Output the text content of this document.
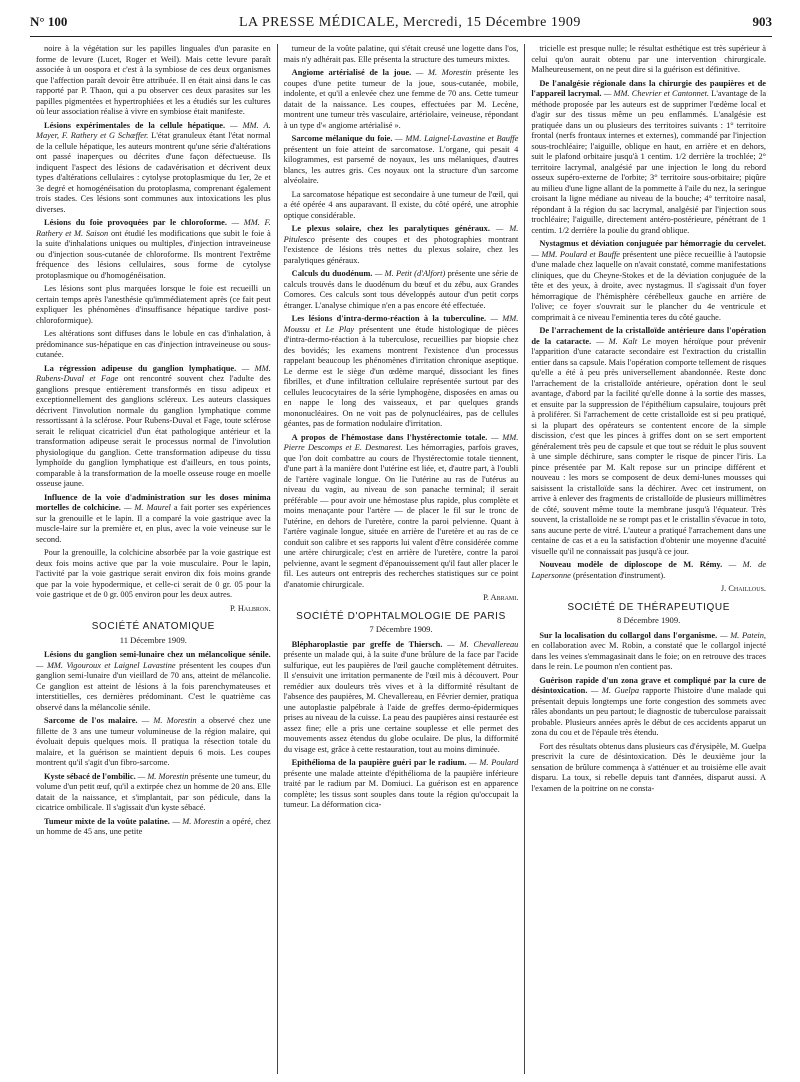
N° 100	LA PRESSE MÉDICALE, Mercredi, 15 Décembre 1909	903

noire à la végétation sur les papilles linguales d'un parasite en forme de levure (Lucet, Roger et Weil). Mais cette levure paraît associée à un oospora et c'est à la symbiose de ces deux organismes que l'affection paraît devoir être attribuée. Il en était ainsi dans le cas rapporté par P. Thaon, qui a pu observer ces deux parasites sur les papilles pigmentées et hypertrophiées et les a étudiés sur les cultures où leur association réalise à vivre en symbiose était manifeste.

Lésions expérimentales de la cellule hépatique. — MM. A. Mayer, F. Rathery et G Schæffer. L'état granuleux étant l'état normal de la cellule hépatique, les auteurs montrent qu'une série d'altérations ont passé inaperçues ou décrites d'une façon défectueuse. Ils indiquent l'aspect des lésions de cadavérisation et décrivent deux types d'altérations cellulaires : cytolyse protoplasmique du 1er, 2e et 3e degré et homogénéisation du protoplasma, comprenant également trois stades. Ces lésions sont communes aux intoxications les plus diverses.

Lésions du foie provoquées par le chloroforme. — MM. F. Rathery et M. Saison ont étudié les modifications que subit le foie à la suite d'inhalations uniques ou multiples, d'injection intraveineuse ou d'injection sous-cutanée de chloroforme. Ils montrent l'extrême fréquence des lésions cellulaires, sous forme de cytolyse protoplasmique ou d'homogénéisation.

Les lésions sont plus marquées lorsque le foie est recueilli un certain temps après l'anesthésie qu'immédiatement après (ce fait peut expliquer les phénomènes d'insuffisance hépatique tardive post-chloroformique).

Les altérations sont diffuses dans le lobule en cas d'inhalation, à prédominance sus-hépatique en cas d'injection intraveineuse ou sous-cutanée.

La régression adipeuse du ganglion lymphatique. — MM. Rubens-Duval et Fage ont rencontré souvent chez l'adulte des ganglions presque entièrement transformés en tissu adipeux et exceptionnellement des ganglions scléreux. Les auteurs classiques décrivent l'involution normale du ganglion lymphatique comme ressortissant à la sclérose. Pour Rubens-Duval et Fage, toute sclérose serait le reliquat cicatriciel d'un état pathologique antérieur et la transformation adipeuse serait le processus normal de l'involution physiologique du ganglion. Cette transformation adipeuse du tissu lymphoïde du ganglion lymphatique est d'ailleurs, en tous points, comparable à la transformation de la moelle osseuse rouge en moelle osseuse jaune.

Influence de la voie d'administration sur les doses minima mortelles de colchicine. — M. Maurel a fait porter ses expériences sur la grenouille et le lapin. Il a comparé la voie gastrique avec la muscle-laire sur la première et, en plus, avec la voie veineuse sur le second.

Pour la grenouille, la colchicine absorbée par la voie gastrique est deux fois moins active que par la voie musculaire. Pour le lapin, l'activité par la voie gastrique serait environ dix fois moins grande que par la voie hypodermique, et celle-ci serait de 0 gr. 05 pour la voie gastrique et de 0 gr. 005 environ pour les deux autres.

P. Halbron.
SOCIÉTÉ ANATOMIQUE
11 Décembre 1909.

Lésions du ganglion semi-lunaire chez un mélancolique sénile. — MM. Vigouroux et Laignel Lavastine présentent les coupes d'un ganglion semi-lunaire d'un vieillard de 70 ans, atteint de mélancolie. Ce ganglion est atteint de lésions à la fois parenchymateuses et interstitielles, ces dernières prédominant. C'est le quatrième cas observé dans la mélancolie sénile.

Sarcome de l'os malaire. — M. Morestin a observé chez une fillette de 3 ans une tumeur volumineuse de la région malaire, qui évoluait depuis quelques mois. Il pratiqua la résection totale du malaire, et la guérison se maintient depuis 6 mois. Les coupes montrent qu'il s'agit d'un fibro-sarcome.

Kyste sébacé de l'ombilic. — M. Morestin présente une tumeur, du volume d'un petit œuf, qu'il a extirpée chez un homme de 20 ans. Elle datait de la naissance, et s'implantait, par son pédicule, dans la cicatrice ombilicale. Il s'agissait d'un kyste sébacé.

Tumeur mixte de la voûte palatine. — M. Morestin a opéré, chez un homme de 45 ans, une petite

tumeur de la voûte palatine, qui s'était creusé une logette dans l'os, mais n'y adhérait pas. Elle présenta la structure des tumeurs mixtes.

Angiome artérialisé de la joue. — M. Morestin présente les coupes d'une petite tumeur de la joue, sous-cutanée, mobile, indolente, et qu'il a enlevée chez une femme de 70 ans. Cette tumeur datait de la naissance. Les coupes, effectuées par M. Lecène, montrent une tumeur très vasculaire, artériolaire, veineuse, répondant à un type d'« angiome artérialisé ».

Sarcome mélanique du foie. — MM. Laignel-Lavastine et Bauffe présentent un foie atteint de sarcomatose. L'organe, qui pesait 4 kilogrammes, est parsemé de noyaux, les uns mélaniques, d'autres blancs, les autres gris. Ces noyaux ont la structure d'un sarcome alvéolaire.

La sarcomatose hépatique est secondaire à une tumeur de l'œil, qui a été opérée 4 ans auparavant. Il existe, du côté opéré, une atrophie optique considérable.

Le plexus solaire, chez les paralytiques généraux. — M. Pitulesco présente des coupes et des photographies montrant l'existence de lésions très nettes du plexus solaire, chez les paralytiques généraux.

Calculs du duodénum. — M. Petit (d'Alfort) présente une série de calculs trouvés dans le duodénum du bœuf et du zébu, aux Grandes Comores. Ces calculs sont tous développés autour d'un petit corps étranger. L'analyse chimique n'en a pas encore été effectuée.

Les lésions d'intra-dermo-réaction à la tuberculine. — MM. Moussu et Le Play présentent une étude histologique de pièces d'intra-dermo-réaction à la tuberculose, recueillies par biopsie chez des bovidés; les examens montrent l'existence d'un processus rappelant beaucoup les phénomènes d'irritation chronique aseptique. Le derme est le siège d'un œdème marqué, dissociant les fines fibrilles, et d'une infiltration cellulaire représentée surtout par des cellules leucocytaires de la série lymphogène, disposées en amas ou en nappe le long des vaisseaux, et par quelques grands mononucléaires. On ne voit pas de polynucléaires, pas de cellules géantes, pas de formation nodulaire d'irritation.

A propos de l'hémostase dans l'hystérectomie totale. — MM. Pierre Descomps et E. Desmarest. Les hémorragies, parfois graves, que l'on doit combattre au cours de l'hystérectomie totale tiennent, d'une part à la manière dont l'utérine est liée, et, d'autre part, à l'oubli de l'artère vaginale longue. On lie l'utérine au ras de l'utérus au niveau du vagin, au niveau de son panache terminal; il serait préférable — pour avoir une hémostase plus rapide, plus complète et moins menaçante pour l'artère — de placer le fil sur le tronc de l'utérine, en dehors de l'uretère, contre la paroi pelvienne. Quant à l'artère vaginale longue, située en arrière de l'uretère et au ras de ce conduit son calibre et ses rapports lui valent d'être considérée comme une artère chirurgicale; c'est en arrière de l'uretère, contre la paroi pelvienne, avant le segment d'épanouissement qu'il faut aller placer le fil. Les auteurs ont entrepris des recherches statistiques sur ce point d'anatomie chirurgicale.

P. Abrami.
SOCIÉTÉ D'OPHTALMOLOGIE DE PARIS
7 Décembre 1909.

Blépharoplastie par greffe de Thiersch. — M. Chevallereau présente un malade qui, à la suite d'une brûlure de la face par l'acide sulfurique, eut les paupières de l'œil gauche complètement détruites. Il s'ensuivit une irritation permanente de l'œil mis à découvert. Pour remédier aux douleurs très vives et à la difformité résultant de l'absence des paupières, M. Chevallereau, en Février dernier, pratiqua une autoplastie palpébrale à l'aide de greffes dermo-épidermiques prises au niveau de la cuisse. La peau des paupières ainsi restaurée est assez fine; elle a pris une certaine souplesse et elle permet des mouvements assez étendus du globe oculaire. De plus, la difformité du visage est, grâce à cette restauration, tout au moins diminuée.

Epithélioma de la paupière guéri par le radium. — M. Poulard présente une malade atteinte d'épithélioma de la paupière inférieure traité par le radium par M. Domiuci. La guérison est en apparence complète; les tissus sont souples dans toute la région qu'occupait la tumeur. La déformation cica-

tricielle est presque nulle; le résultat esthétique est très supérieur à celui qu'on aurait obtenu par une intervention chirurgicale. Malheureusement, on ne peut dire si la guérison est définitive.

De l'analgésie régionale dans la chirurgie des paupières et de l'appareil lacrymal. — MM. Chevrier et Cantonnet. L'avantage de la méthode proposée par les auteurs est de supprimer l'œdème local et d'agir sur des tissus même un peu enflammés. L'analgésie est pratiquée dans un ou plusieurs des territoires suivants : 1° territoire frontal (nerfs frontaux internes et externes), commandé par l'injection sous-trochléaire; l'aiguille, oblique en haut, en arrière et en dehors, suit le plafond orbitaire jusqu'à 1 centim. 1/2 derrière la trochlée; 2° territoire lacrymal, analgésié par une injection le long du rebord osseux supéro-externe de l'orbite; 3° territoire sous-orbitaire; piqûre au milieu d'une ligne allant de la pommette à l'aile du nez, la seringue croisant la ligne médiane au niveau de la bouche; 4° territoire nasal, répondant à la région du sac lacrymal, analgésié par l'injection sous trochléaire; l'aiguille, directement antéro-postérieure, pénétrant de 1 centim. 1/2 derrière la poulie du grand oblique.

Nystagmus et déviation conjuguée par hémorragie du cervelet. — MM. Poulard et Bauffe présentent une pièce recueillie à l'autopsie d'une malade chez laquelle on n'avait constaté, comme manifestations cliniques, que du Cheyne-Stokes et de la déviation conjuguée de la tête et des yeux, à droite, avec nystagmus. Il s'agissait d'un foyer hémorragique de l'hémisphère cérébelleux gauche en arrière de l'olive; ce foyer s'ouvrait sur le plancher du 4e ventricule et comprimait à ce niveau l'eminentia teres du côté gauche.

De l'arrachement de la cristalloïde antérieure dans l'opération de la cataracte. — M. Kalt Le moyen héroïque pour prévenir l'apparition d'une cataracte secondaire est l'extraction du cristallin entier dans sa capsule. Mais l'opération comporte tellement de risques qu'elle a été à peu près universellement abandonnée. Reste donc l'arrachement de la cristalloïde antérieure, opération dont le seul avantage, d'abord par la facilité qu'elle donne à la sortie des masses, et ensuite par la suppression de l'épithélium capsulaire, toujours prêt à proliférer. Si l'arrachement de cette cristalloïde est si peu pratiqué, si la plupart des opérateurs se contentent encore de la simple discission, c'est que les pinces à griffes dont on se sert emportent généralement très peu de capsule et que tout se réduit le plus souvent à une simple déchirure, sans compter le risque de pincer l'iris. La pince présentée par M. Kalt repose sur un principe différent et nouveau : les mors se composent de deux demi-lunes mousses qui saisissent la cristalloïde sans la déchirer. Avec cet instrument, on arrive à enlever des fragments de cristalloïde de plusieurs millimètres de côté, souvent même toute la membrane jusqu'à l'équateur. Très souvent, la cristalloïde ne se rompt pas et le cristallin s'évacue in toto, sans aucune perte de vitré. L'auteur a pratiqué l'arrachement dans une centaine de cas et a eu la satisfaction d'obtenir une moyenne d'acuité visuelle qu'il ne connaissait pas jusqu'à ce jour.

Nouveau modèle de diploscope de M. Rémy. — M. de Lapersonne (présentation d'instrument).

J. Chaillous.
SOCIÉTÉ DE THÉRAPEUTIQUE
8 Décembre 1909.

Sur la localisation du collargol dans l'organisme. — M. Patein, en collaboration avec M. Robin, a constaté que le collargol injecté dans les veines s'emmagasinait dans le foie; on en retrouve des traces dans le rein. Le poumon n'en contient pas.

Guérison rapide d'un zona grave et compliqué par la cure de désintoxication. — M. Guelpa rapporte l'histoire d'une malade qui présentait depuis longtemps une forte congestion des sommets avec râles abondants un peu partout; le diagnostic de tuberculose paraissait probable. Plusieurs années après le début de ces accidents apparut un zona du cou et de l'épaule très étendu.

Fort des résultats obtenus dans plusieurs cas d'érysipèle, M. Guelpa prescrivit la cure de désintoxication. Dès le deuxième jour la sensation de brûlure commença à s'atténuer et au troisième elle avait disparu. La toux, si rebelle depuis tant d'années, disparut aussi. A l'examen de la poitrine on ne consta-
